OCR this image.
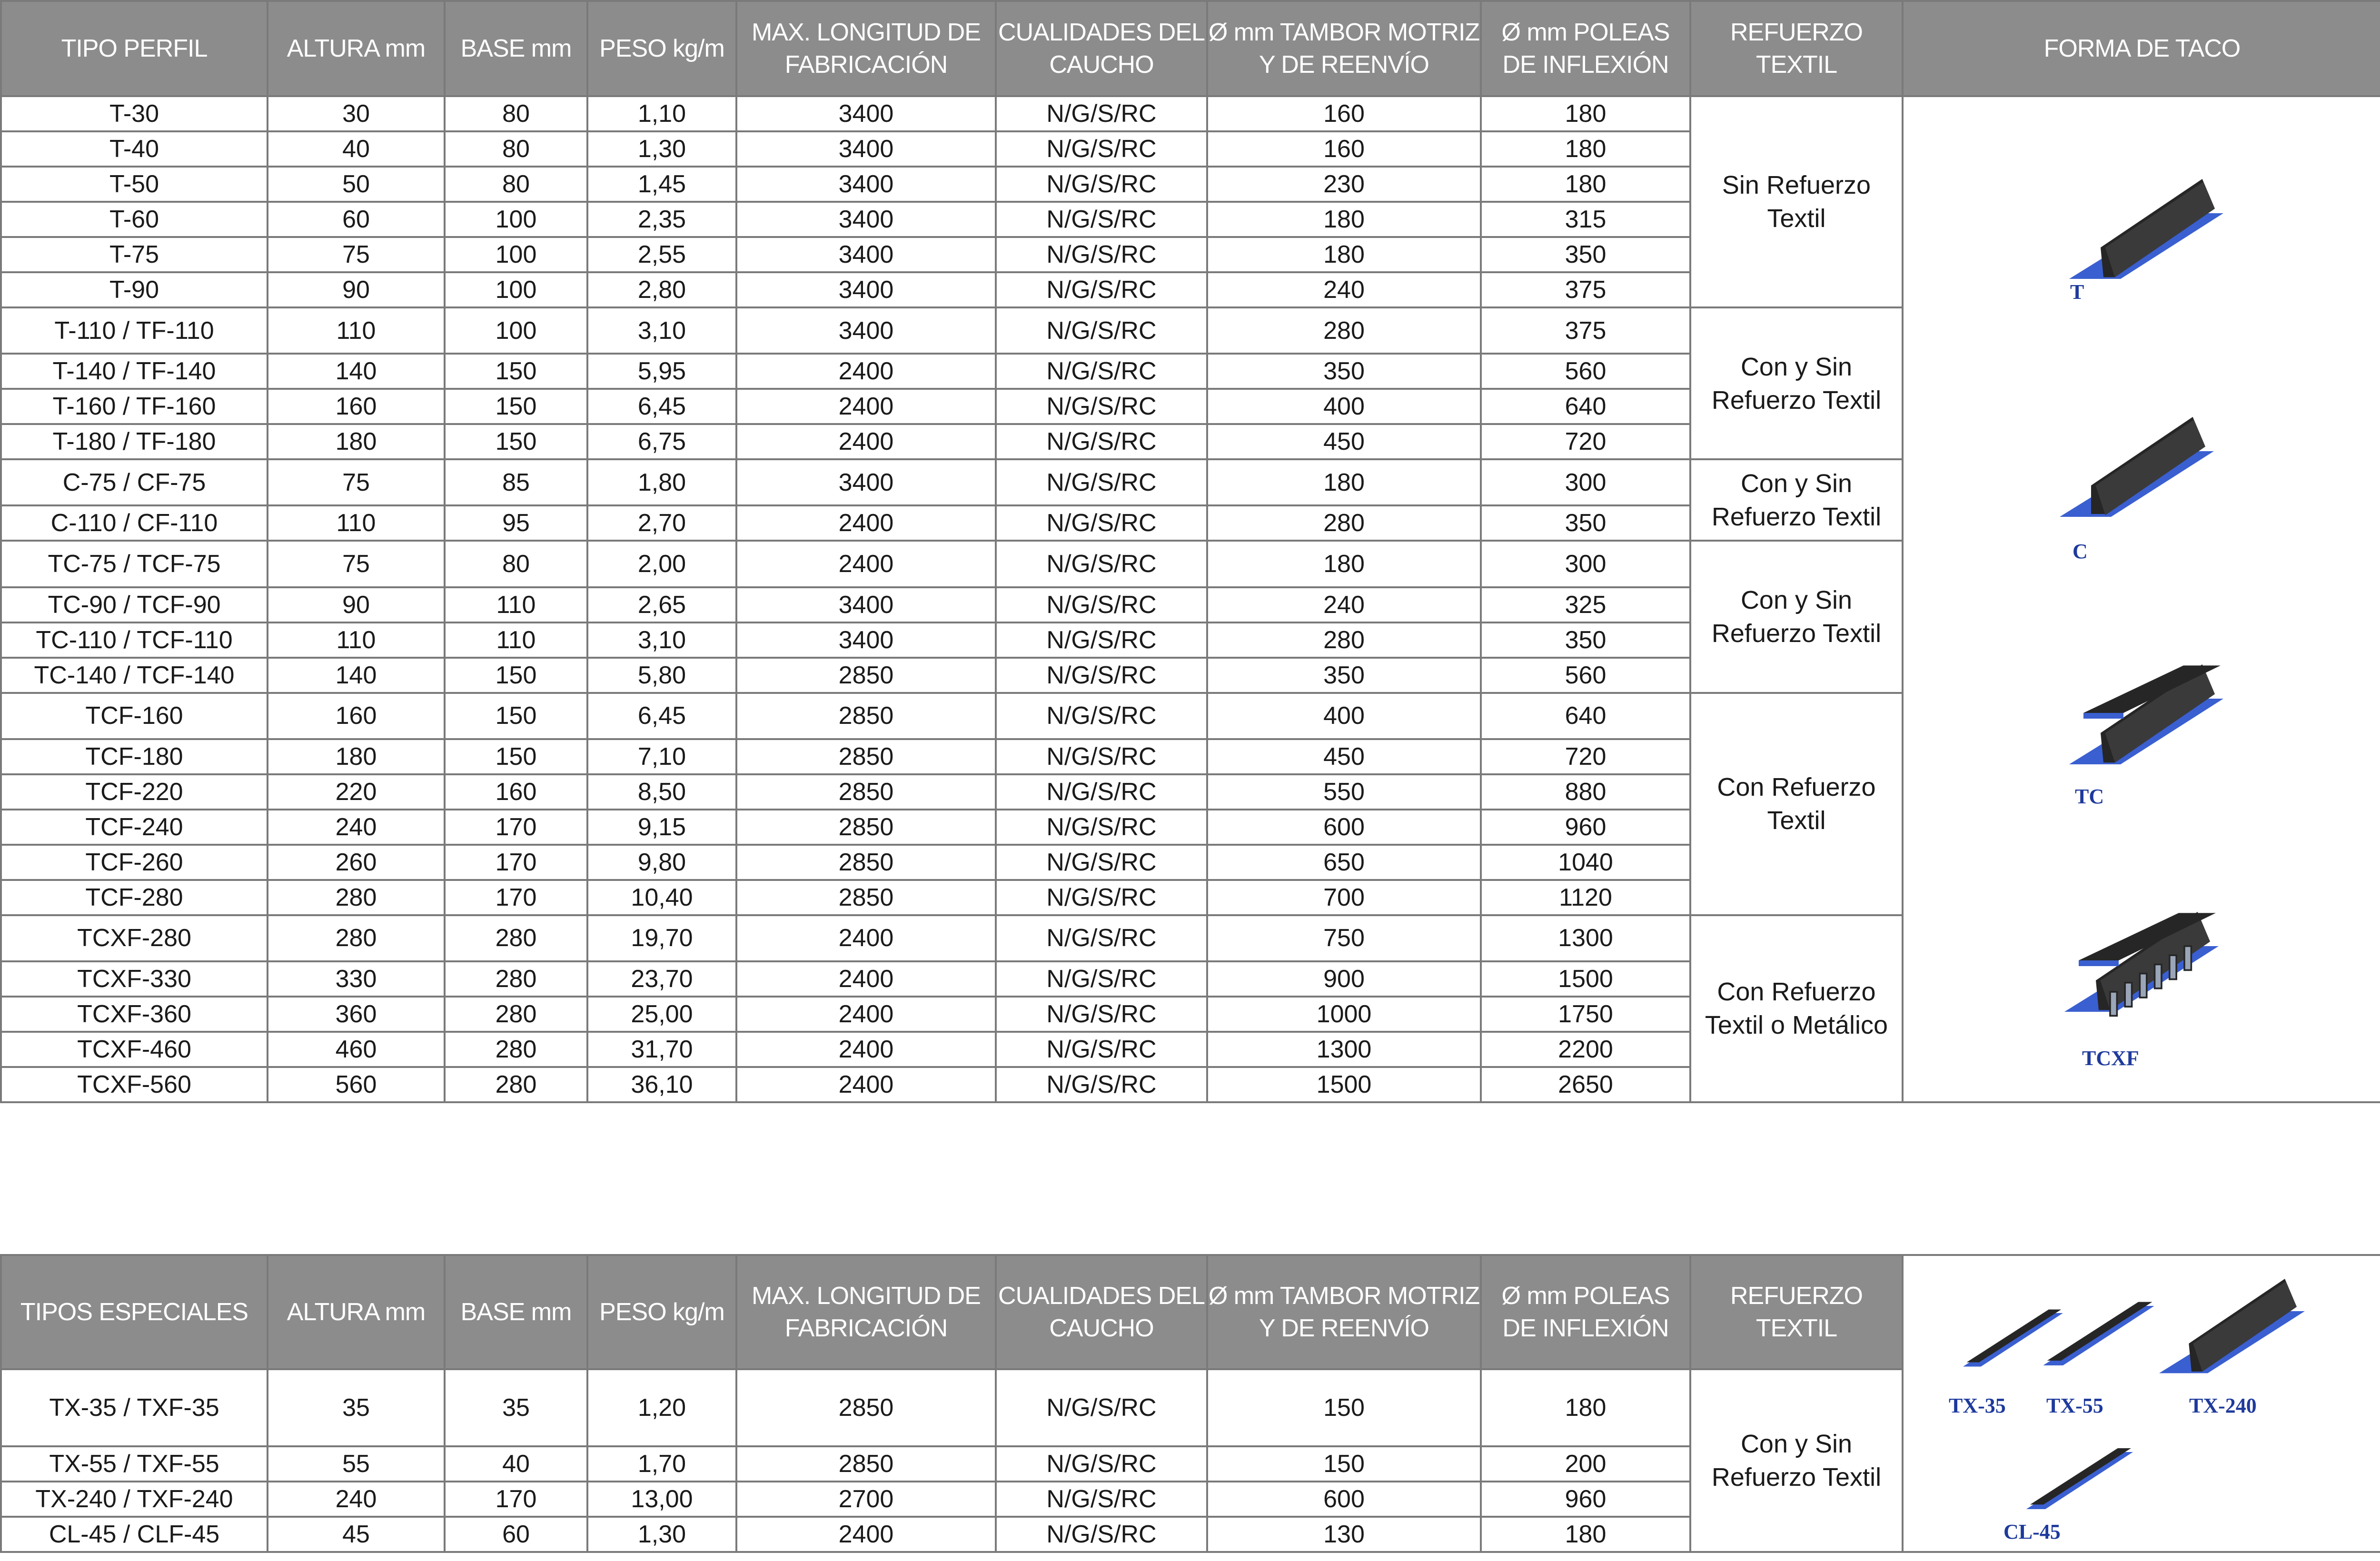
TIPO PERFIL	ALTURA mm	BASE mm	PESO kg/m	MAX. LONGITUD DE FABRICACIÓN	CUALIDADES DEL CAUCHO	Ø mm TAMBOR MOTRIZ Y DE REENVÍO	Ø mm POLEAS DE INFLEXIÓN	REFUERZO TEXTIL	FORMA DE TACO
T-30	30	80	1,10	3400	N/G/S/RC	160	180	Sin Refuerzo Textil	T
C
TC
TCXF

T-40	40	80	1,30	3400	N/G/S/RC	160	180		
T-50	50	80	1,45	3400	N/G/S/RC	230	180		
T-60	60	100	2,35	3400	N/G/S/RC	180	315		
T-75	75	100	2,55	3400	N/G/S/RC	180	350		
T-90	90	100	2,80	3400	N/G/S/RC	240	375		
T-110 / TF-110	110	100	3,10	3400	N/G/S/RC	280	375	Con y Sin Refuerzo Textil	
T-140 / TF-140	140	150	5,95	2400	N/G/S/RC	350	560		
T-160 / TF-160	160	150	6,45	2400	N/G/S/RC	400	640		
T-180 / TF-180	180	150	6,75	2400	N/G/S/RC	450	720		
C-75 / CF-75	75	85	1,80	3400	N/G/S/RC	180	300	Con y Sin Refuerzo Textil	
C-110 / CF-110	110	95	2,70	2400	N/G/S/RC	280	350		
TC-75 / TCF-75	75	80	2,00	2400	N/G/S/RC	180	300	Con y Sin Refuerzo Textil	
TC-90 / TCF-90	90	110	2,65	3400	N/G/S/RC	240	325		
TC-110 / TCF-110	110	110	3,10	3400	N/G/S/RC	280	350		
TC-140 / TCF-140	140	150	5,80	2850	N/G/S/RC	350	560		
TCF-160	160	150	6,45	2850	N/G/S/RC	400	640	Con Refuerzo Textil	
TCF-180	180	150	7,10	2850	N/G/S/RC	450	720		
TCF-220	220	160	8,50	2850	N/G/S/RC	550	880		
TCF-240	240	170	9,15	2850	N/G/S/RC	600	960		
TCF-260	260	170	9,80	2850	N/G/S/RC	650	1040		
TCF-280	280	170	10,40	2850	N/G/S/RC	700	1120		
TCXF-280	280	280	19,70	2400	N/G/S/RC	750	1300	Con Refuerzo Textil o Metálico	
TCXF-330	330	280	23,70	2400	N/G/S/RC	900	1500		
TCXF-360	360	280	25,00	2400	N/G/S/RC	1000	1750		
TCXF-460	460	280	31,70	2400	N/G/S/RC	1300	2200		
TCXF-560	560	280	36,10	2400	N/G/S/RC	1500	2650		
TIPOS ESPECIALES	ALTURA mm	BASE mm	PESO kg/m	MAX. LONGITUD DE FABRICACIÓN	CUALIDADES DEL CAUCHO	Ø mm TAMBOR MOTRIZ Y DE REENVÍO	Ø mm POLEAS DE INFLEXIÓN	REFUERZO TEXTIL	TX-35 TX-55 TX-240
CL-45

TX-35 / TXF-35	35	35	1,20	2850	N/G/S/RC	150	180	Con y Sin Refuerzo Textil	
TX-55 / TXF-55	55	40	1,70	2850	N/G/S/RC	150	200		
TX-240 / TXF-240	240	170	13,00	2700	N/G/S/RC	600	960		
CL-45 / CLF-45	45	60	1,30	2400	N/G/S/RC	130	180		
